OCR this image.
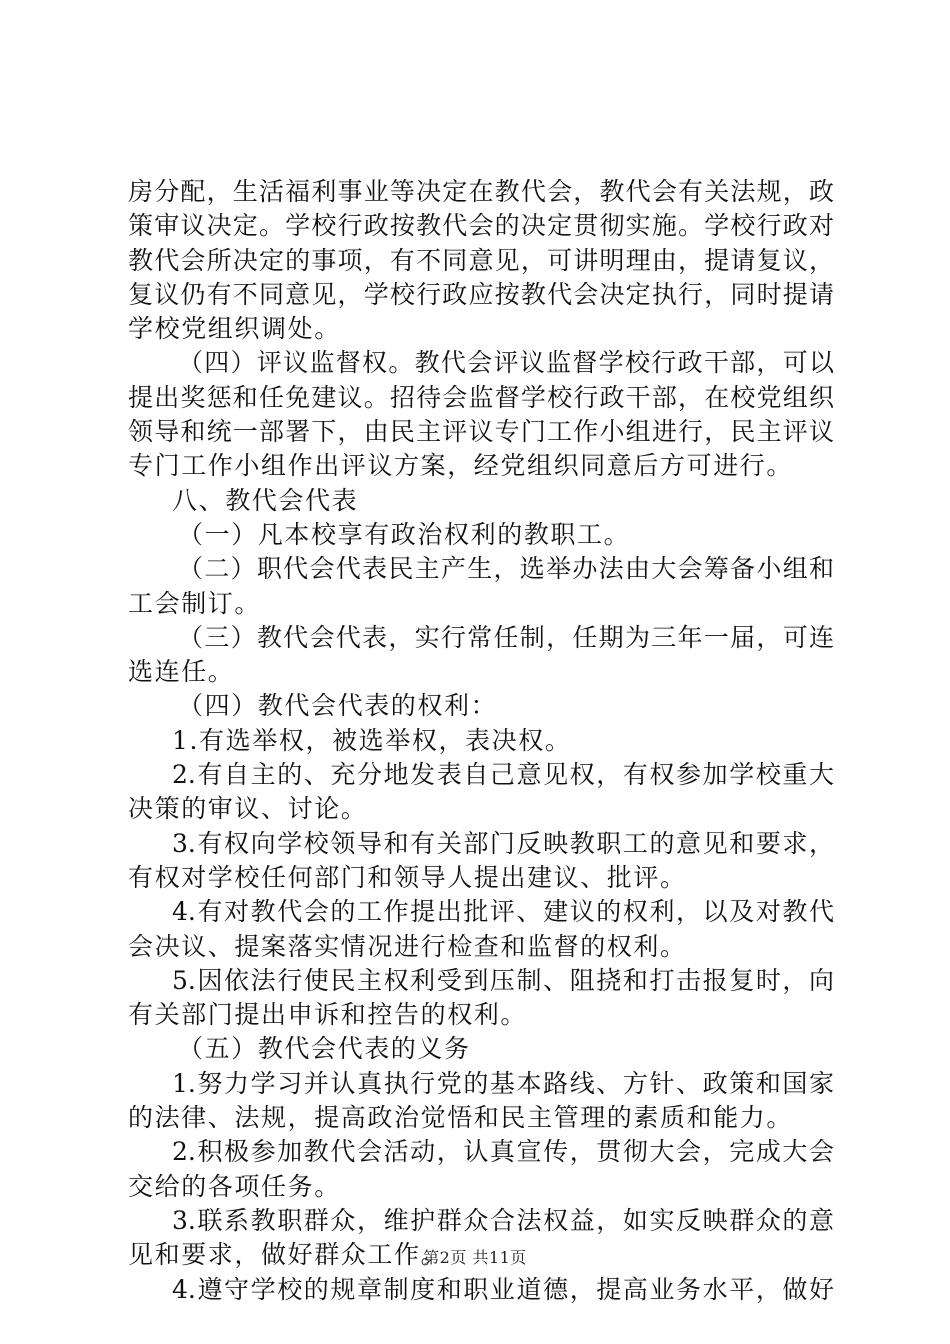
房分配，生活福利事业等决定在教代会，教代会有关法规，政
策审议决定。学校行政按教代会的决定贯彻实施。学校行政对
教代会所决定的事项，有不同意见，可讲明理由，提请复议，
复议仍有不同意见，学校行政应按教代会决定执行，同时提请
学校党组织调处。
（四）评议监督权。教代会评议监督学校行政干部，可以
提出奖惩和任免建议。招待会监督学校行政干部，在校党组织
领导和统一部署下，由民主评议专门工作小组进行，民主评议
专门工作小组作出评议方案，经党组织同意后方可进行。
八、教代会代表
（一）凡本校享有政治权利的教职工。
（二）职代会代表民主产生，选举办法由大会筹备小组和
工会制订。
（三）教代会代表，实行常任制，任期为三年一届，可连
选连任。
（四）教代会代表的权利：
1.有选举权，被选举权，表决权。
2.有自主的、充分地发表自己意见权，有权参加学校重大
决策的审议、讨论。
3.有权向学校领导和有关部门反映教职工的意见和要求，
有权对学校任何部门和领导人提出建议、批评。
4.有对教代会的工作提出批评、建议的权利，以及对教代
会决议、提案落实情况进行检查和监督的权利。
5.因依法行使民主权利受到压制、阻挠和打击报复时，向
有关部门提出申诉和控告的权利。
（五）教代会代表的义务
1.努力学习并认真执行党的基本路线、方针、政策和国家
的法律、法规，提高政治觉悟和民主管理的素质和能力。
2.积极参加教代会活动，认真宣传，贯彻大会，完成大会
交给的各项任务。
3.联系教职群众，维护群众合法权益，如实反映群众的意
见和要求，做好群众工作。
4.遵守学校的规章制度和职业道德，提高业务水平，做好
第2页 共11页
